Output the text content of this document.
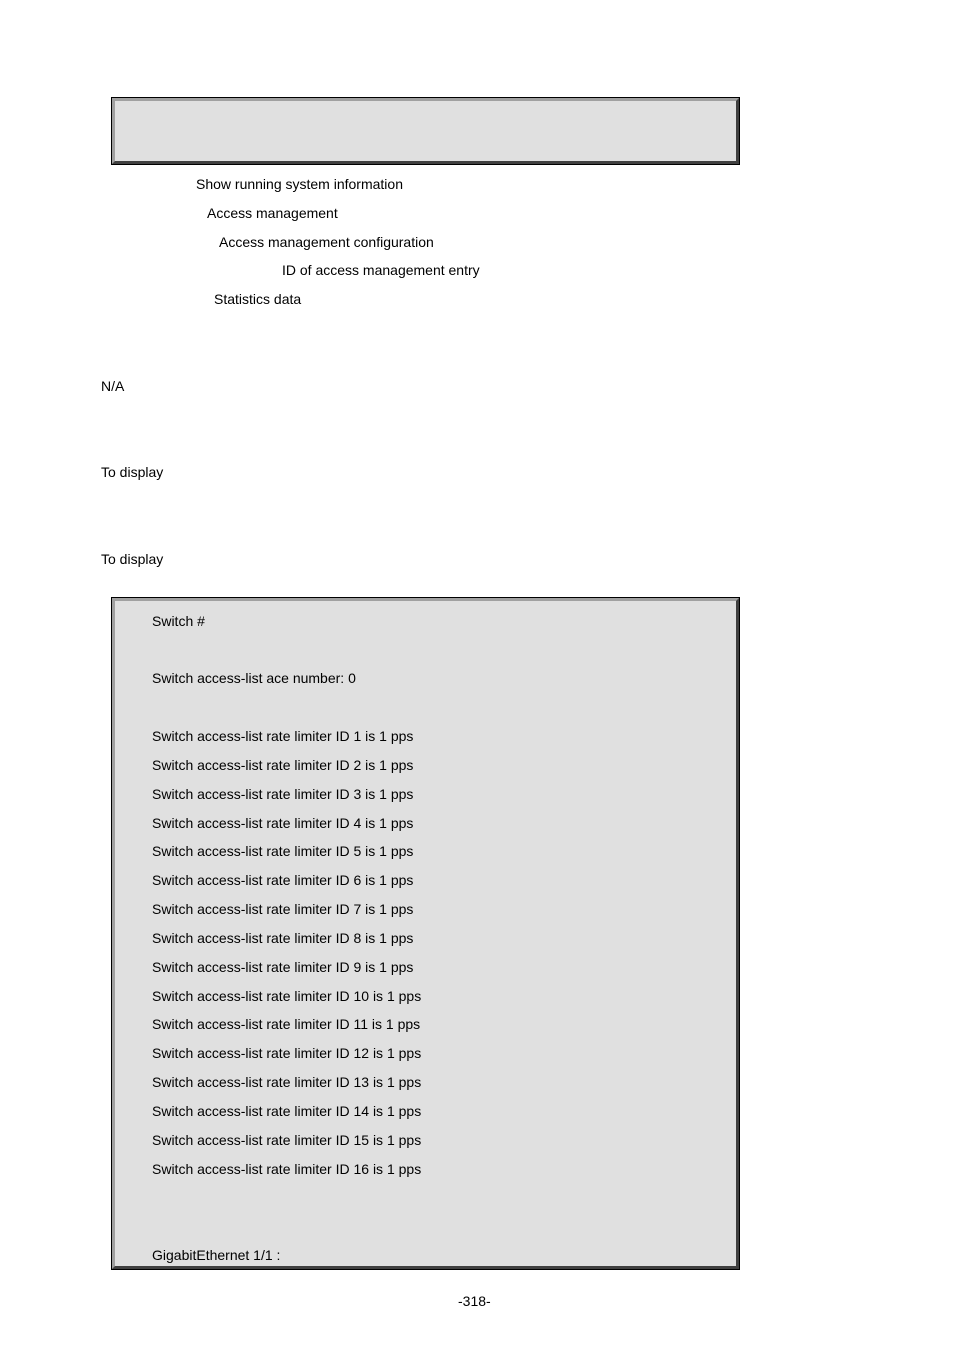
Show running system information
Access management
Access management configuration
ID of access management entry
Statistics data
N/A
To display
To display
Switch #
Switch access-list ace number: 0
Switch access-list rate limiter ID 1 is 1 pps
Switch access-list rate limiter ID 2 is 1 pps
Switch access-list rate limiter ID 3 is 1 pps
Switch access-list rate limiter ID 4 is 1 pps
Switch access-list rate limiter ID 5 is 1 pps
Switch access-list rate limiter ID 6 is 1 pps
Switch access-list rate limiter ID 7 is 1 pps
Switch access-list rate limiter ID 8 is 1 pps
Switch access-list rate limiter ID 9 is 1 pps
Switch access-list rate limiter ID 10 is 1 pps
Switch access-list rate limiter ID 11 is 1 pps
Switch access-list rate limiter ID 12 is 1 pps
Switch access-list rate limiter ID 13 is 1 pps
Switch access-list rate limiter ID 14 is 1 pps
Switch access-list rate limiter ID 15 is 1 pps
Switch access-list rate limiter ID 16 is 1 pps
GigabitEthernet 1/1 :
-318-
